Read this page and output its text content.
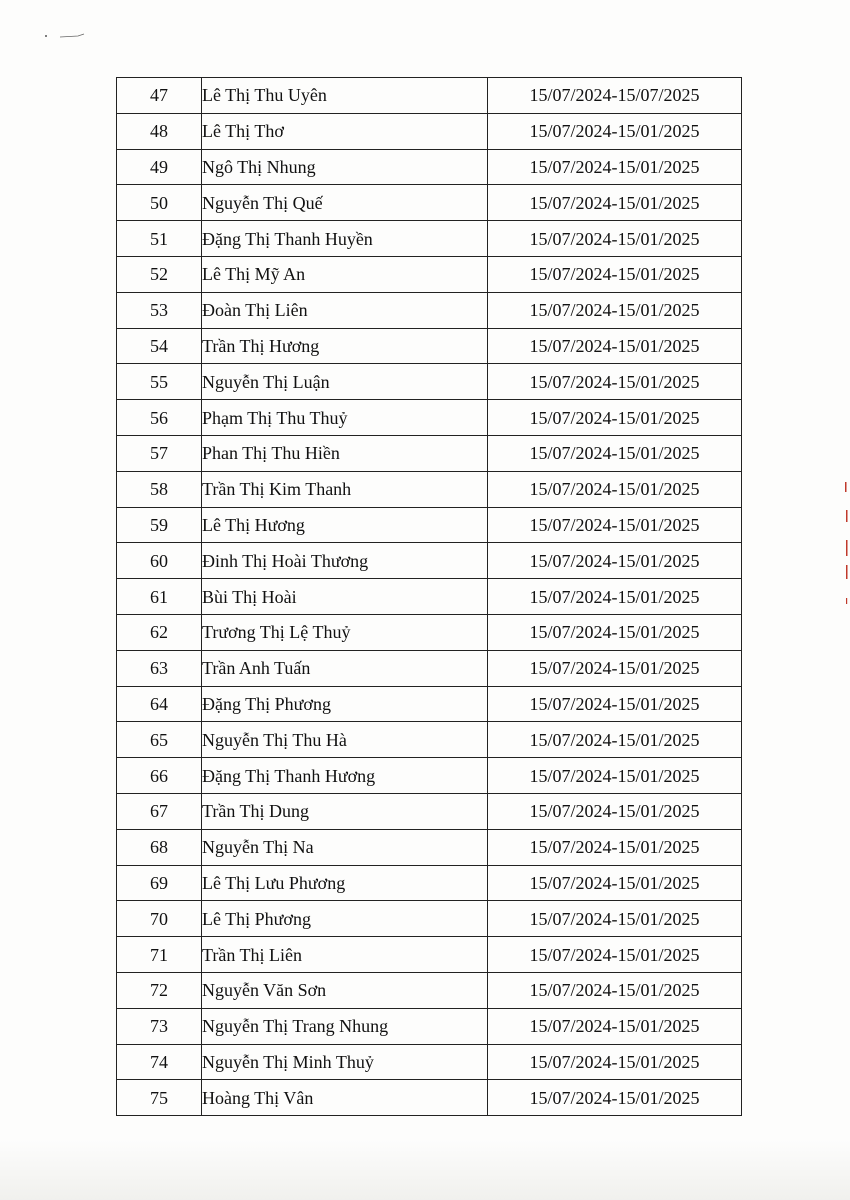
47	Lê Thị Thu Uyên	15/07/2024-15/07/2025
48	Lê Thị Thơ	15/07/2024-15/01/2025
49	Ngô Thị Nhung	15/07/2024-15/01/2025
50	Nguyễn Thị Quế	15/07/2024-15/01/2025
51	Đặng Thị Thanh Huyền	15/07/2024-15/01/2025
52	Lê Thị Mỹ An	15/07/2024-15/01/2025
53	Đoàn Thị Liên	15/07/2024-15/01/2025
54	Trần Thị Hương	15/07/2024-15/01/2025
55	Nguyễn Thị Luận	15/07/2024-15/01/2025
56	Phạm Thị Thu Thuỷ	15/07/2024-15/01/2025
57	Phan Thị Thu Hiền	15/07/2024-15/01/2025
58	Trần Thị Kim Thanh	15/07/2024-15/01/2025
59	Lê Thị Hương	15/07/2024-15/01/2025
60	Đinh Thị Hoài Thương	15/07/2024-15/01/2025
61	Bùi Thị Hoài	15/07/2024-15/01/2025
62	Trương Thị Lệ Thuỷ	15/07/2024-15/01/2025
63	Trần Anh Tuấn	15/07/2024-15/01/2025
64	Đặng Thị Phương	15/07/2024-15/01/2025
65	Nguyễn Thị Thu Hà	15/07/2024-15/01/2025
66	Đặng Thị Thanh Hương	15/07/2024-15/01/2025
67	Trần Thị Dung	15/07/2024-15/01/2025
68	Nguyễn Thị Na	15/07/2024-15/01/2025
69	Lê Thị Lưu Phương	15/07/2024-15/01/2025
70	Lê Thị Phương	15/07/2024-15/01/2025
71	Trần Thị Liên	15/07/2024-15/01/2025
72	Nguyễn Văn Sơn	15/07/2024-15/01/2025
73	Nguyễn Thị Trang Nhung	15/07/2024-15/01/2025
74	Nguyễn Thị Minh Thuỷ	15/07/2024-15/01/2025
75	Hoàng Thị Vân	15/07/2024-15/01/2025
